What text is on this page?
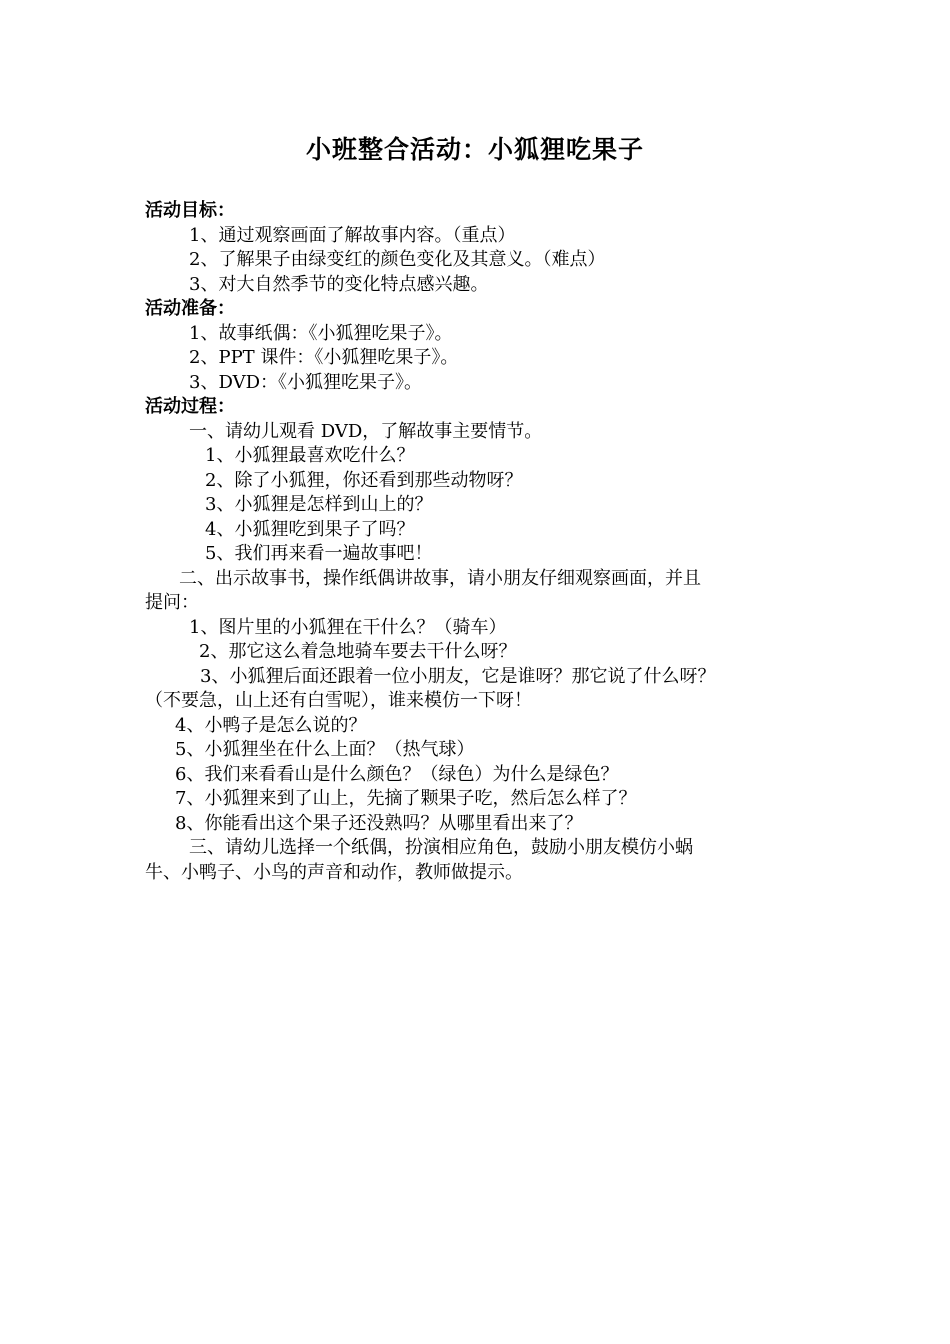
小班整合活动：小狐狸吃果子
活动目标：
1、通过观察画面了解故事内容。（重点）
2、了解果子由绿变红的颜色变化及其意义。（难点）
3、对大自然季节的变化特点感兴趣。
活动准备：
1、故事纸偶：《小狐狸吃果子》。
2、PPT 课件：《小狐狸吃果子》。
3、DVD：《小狐狸吃果子》。
活动过程：
一、请幼儿观看 DVD，了解故事主要情节。
1、小狐狸最喜欢吃什么？
2、除了小狐狸，你还看到那些动物呀？
3、小狐狸是怎样到山上的？
4、小狐狸吃到果子了吗？
5、我们再来看一遍故事吧！
二、出示故事书，操作纸偶讲故事，请小朋友仔细观察画面，并且
提问：
1、图片里的小狐狸在干什么？（骑车）
2、那它这么着急地骑车要去干什么呀？
3、小狐狸后面还跟着一位小朋友，它是谁呀？那它说了什么呀？
（不要急，山上还有白雪呢），谁来模仿一下呀！
4、小鸭子是怎么说的？
5、小狐狸坐在什么上面？（热气球）
6、我们来看看山是什么颜色？（绿色）为什么是绿色？
7、小狐狸来到了山上，先摘了颗果子吃，然后怎么样了？
8、你能看出这个果子还没熟吗？从哪里看出来了？
三、请幼儿选择一个纸偶，扮演相应角色，鼓励小朋友模仿小蜗
牛、小鸭子、小鸟的声音和动作，教师做提示。
